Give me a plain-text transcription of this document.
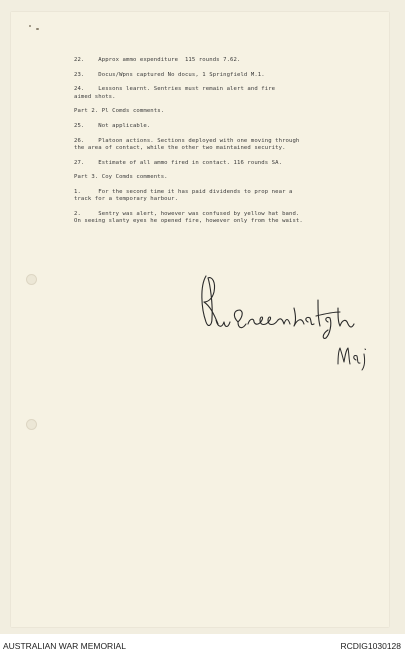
22.    Approx ammo expenditure  115 rounds 7.62.

23.    Docus/Wpns captured No docus, 1 Springfield M.1.

24.    Lessons learnt. Sentries must remain alert and fire
aimed shots.

Part 2. Pl Comds comments.

25.    Not applicable.

26.    Platoon actions. Sections deployed with one moving through
the area of contact, while the other two maintained security.

27.    Estimate of all ammo fired in contact. 116 rounds SA.

Part 3. Coy Comds comments.

1.     For the second time it has paid dividends to prop near a
track for a temporary harbour.

2.     Sentry was alert, however was confused by yellow hat band.
On seeing slanty eyes he opened fire, however only from the waist.

AUSTRALIAN WAR MEMORIAL	RCDIG1030128
